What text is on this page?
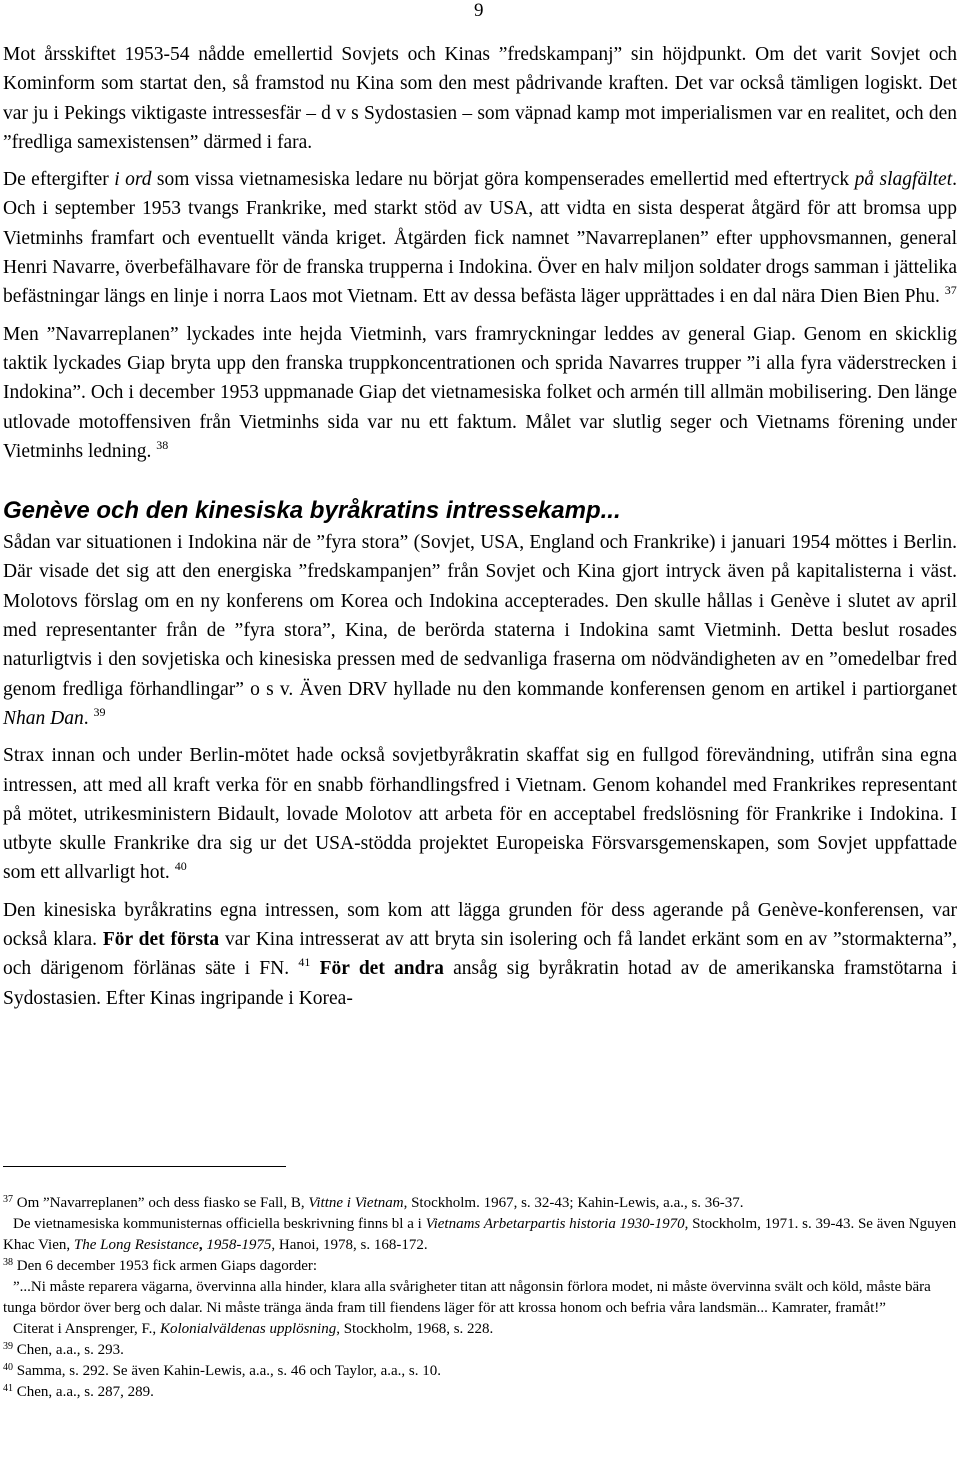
9

Mot årsskiftet 1953-54 nådde emellertid Sovjets och Kinas ”fredskampanj” sin höjdpunkt. Om det varit Sovjet och Kominform som startat den, så framstod nu Kina som den mest pådrivande kraften. Det var också tämligen logiskt. Det var ju i Pekings viktigaste intressesfär – d v s Sydostasien – som väpnad kamp mot imperialismen var en realitet, och den ”fredliga samexistensen” därmed i fara.

De eftergifter i ord som vissa vietnamesiska ledare nu börjat göra kompenserades emellertid med eftertryck på slagfältet. Och i september 1953 tvangs Frankrike, med starkt stöd av USA, att vidta en sista desperat åtgärd för att bromsa upp Vietminhs framfart och eventuellt vända kriget. Åtgärden fick namnet ”Navarreplanen” efter upphovsmannen, general Henri Navarre, överbefälhavare för de franska trupperna i Indokina. Över en halv miljon soldater drogs samman i jättelika befästningar längs en linje i norra Laos mot Vietnam. Ett av dessa befästa läger upprättades i en dal nära Dien Bien Phu. $^{37}$

Men ”Navarreplanen” lyckades inte hejda Vietminh, vars framryckningar leddes av general Giap. Genom en skicklig taktik lyckades Giap bryta upp den franska truppkoncentrationen och sprida Navarres trupper ”i alla fyra väderstrecken i Indokina”. Och i december 1953 uppmanade Giap det vietnamesiska folket och armén till allmän mobilisering. Den länge utlovade motoffensiven från Vietminhs sida var nu ett faktum. Målet var slutlig seger och Vietnams förening under Vietminhs ledning. $^{38}$

Genève och den kinesiska byråkratins intressekamp...

Sådan var situationen i Indokina när de ”fyra stora” (Sovjet, USA, England och Frankrike) i januari 1954 möttes i Berlin. Där visade det sig att den energiska ”fredskampanjen” från Sovjet och Kina gjort intryck även på kapitalisterna i väst. Molotovs förslag om en ny konferens om Korea och Indokina accepterades. Den skulle hållas i Genève i slutet av april med representanter från de ”fyra stora”, Kina, de berörda staterna i Indokina samt Vietminh. Detta beslut rosades naturligtvis i den sovjetiska och kinesiska pressen med de sedvanliga fraserna om nödvändigheten av en ”omedelbar fred genom fredliga förhandlingar” o s v. Även DRV hyllade nu den kommande konferensen genom en artikel i partiorganet Nhan Dan. $^{39}$

Strax innan och under Berlin-mötet hade också sovjetbyråkratin skaffat sig en fullgod förevändning, utifrån sina egna intressen, att med all kraft verka för en snabb förhandlingsfred i Vietnam. Genom kohandel med Frankrikes representant på mötet, utrikesministern Bidault, lovade Molotov att arbeta för en acceptabel fredslösning för Frankrike i Indokina. I utbyte skulle Frankrike dra sig ur det USA-stödda projektet Europeiska Försvarsgemenskapen, som Sovjet uppfattade som ett allvarligt hot. $^{40}$

Den kinesiska byråkratins egna intressen, som kom att lägga grunden för dess agerande på Genève-konferensen, var också klara. För det första var Kina intresserat av att bryta sin isolering och få landet erkänt som en av ”stormakterna”, och därigenom förlänas säte i FN. $^{41}$ För det andra ansåg sig byråkratin hotad av de amerikanska framstötarna i Sydostasien. Efter Kinas ingripande i Korea-

$^{37}$ Om ”Navarreplanen” och dess fiasko se Fall, B, Vittne i Vietnam, Stockholm. 1967, s. 32-43; Kahin-Lewis, a.a., s. 36-37.

De vietnamesiska kommunisternas officiella beskrivning finns bl a i Vietnams Arbetarpartis historia 1930-1970, Stockholm, 1971. s. 39-43. Se även Nguyen Khac Vien, The Long Resistance, 1958-1975, Hanoi, 1978, s. 168-172.

$^{38}$ Den 6 december 1953 fick armen Giaps dagorder:

”...Ni måste reparera vägarna, övervinna alla hinder, klara alla svårigheter titan att någonsin förlora modet, ni måste övervinna svält och köld, måste bära tunga bördor över berg och dalar. Ni måste tränga ända fram till fiendens läger för att krossa honom och befria våra landsmän... Kamrater, framåt!”

Citerat i Ansprenger, F., Kolonialväldenas upplösning, Stockholm, 1968, s. 228.

$^{39}$ Chen, a.a., s. 293.

$^{40}$ Samma, s. 292. Se även Kahin-Lewis, a.a., s. 46 och Taylor, a.a., s. 10.

$^{41}$ Chen, a.a., s. 287, 289.
